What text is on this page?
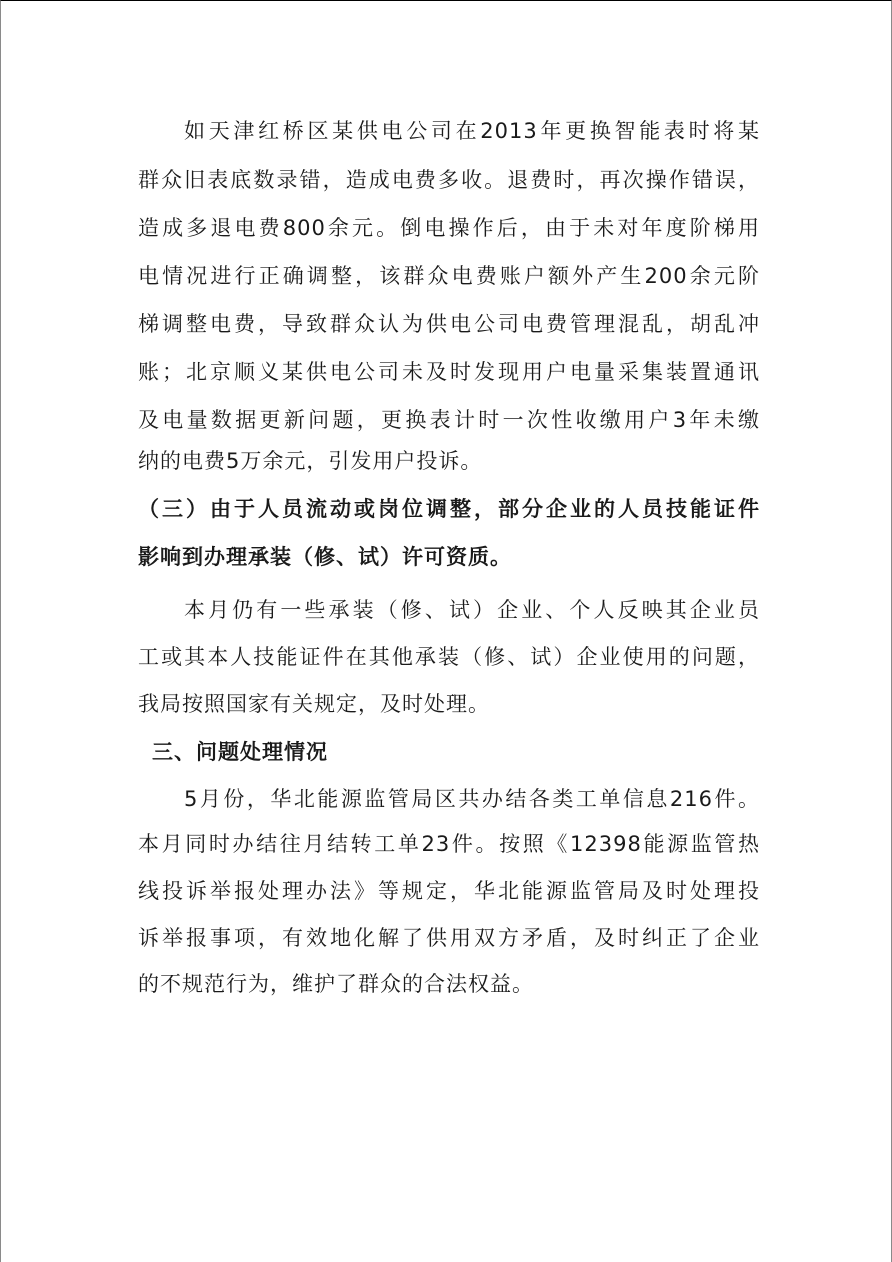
如天津红桥区某供电公司在2013年更换智能表时将某
群众旧表底数录错，造成电费多收。退费时，再次操作错误，
造成多退电费800余元。倒电操作后，由于未对年度阶梯用
电情况进行正确调整，该群众电费账户额外产生200余元阶
梯调整电费，导致群众认为供电公司电费管理混乱，胡乱冲
账；北京顺义某供电公司未及时发现用户电量采集装置通讯
及电量数据更新问题，更换表计时一次性收缴用户3年未缴
纳的电费5万余元，引发用户投诉。
（三）由于人员流动或岗位调整，部分企业的人员技能证件
影响到办理承装（修、试）许可资质。
本月仍有一些承装（修、试）企业、个人反映其企业员
工或其本人技能证件在其他承装（修、试）企业使用的问题，
我局按照国家有关规定，及时处理。
三、问题处理情况
5月份，华北能源监管局区共办结各类工单信息216件。
本月同时办结往月结转工单23件。按照《12398能源监管热
线投诉举报处理办法》等规定，华北能源监管局及时处理投
诉举报事项，有效地化解了供用双方矛盾，及时纠正了企业
的不规范行为，维护了群众的合法权益。
